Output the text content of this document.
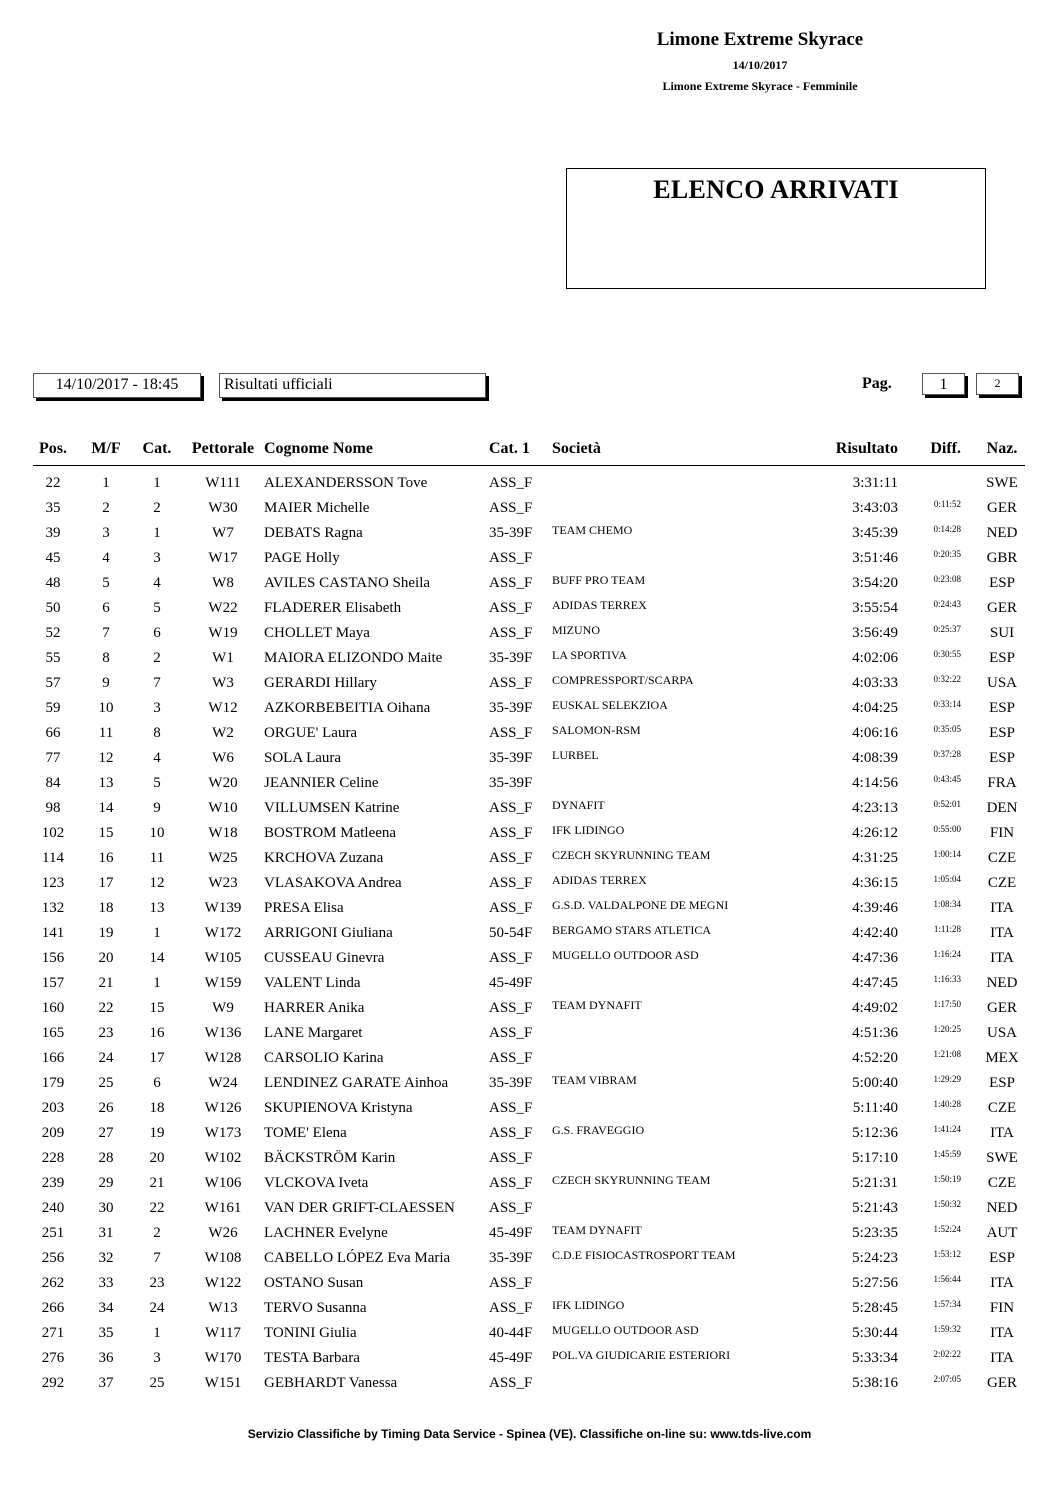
Limone Extreme Skyrace
14/10/2017
Limone Extreme Skyrace - Femminile
ELENCO ARRIVATI
14/10/2017 - 18:45	Risultati ufficiali	Pag.	1	2
Pos.	M/F Cat.	Pettorale Cognome Nome	Cat. 1 Società	Risultato	Diff.	Naz.
22	1	1	W111	ALEXANDERSSON Tove	ASS_F	3:31:11	SWE
35	2	2	W30	MAIER Michelle	ASS_F	3:43:03	0:11:52	GER
39	3	1	W7	DEBATS Ragna	35-39F TEAM CHEMO	3:45:39	0:14:28	NED
45	4	3	W17	PAGE Holly	ASS_F	3:51:46	0:20:35	GBR
48	5	4	W8	AVILES CASTANO Sheila	ASS_F BUFF PRO TEAM	3:54:20	0:23:08	ESP
50	6	5	W22	FLADERER Elisabeth	ASS_F ADIDAS TERREX	3:55:54	0:24:43	GER
52	7	6	W19	CHOLLET Maya	ASS_F MIZUNO	3:56:49	0:25:37	SUI
55	8	2	W1	MAIORA ELIZONDO Maite	35-39F LA SPORTIVA	4:02:06	0:30:55	ESP
57	9	7	W3	GERARDI Hillary	ASS_F COMPRESSPORT/SCARPA	4:03:33	0:32:22	USA
59	10	3	W12	AZKORBEBEITIA Oihana	35-39F EUSKAL SELEKZIOA	4:04:25	0:33:14	ESP
66	11	8	W2	ORGUE' Laura	ASS_F SALOMON-RSM	4:06:16	0:35:05	ESP
77	12	4	W6	SOLA Laura	35-39F LURBEL	4:08:39	0:37:28	ESP
84	13	5	W20	JEANNIER Celine	35-39F	4:14:56	0:43:45	FRA
98	14	9	W10	VILLUMSEN Katrine	ASS_F DYNAFIT	4:23:13	0:52:01	DEN
102	15	10	W18	BOSTROM Matleena	ASS_F IFK LIDINGO	4:26:12	0:55:00	FIN
114	16	11	W25	KRCHOVA Zuzana	ASS_F CZECH SKYRUNNING TEAM	4:31:25	1:00:14	CZE
123	17	12	W23	VLASAKOVA Andrea	ASS_F ADIDAS TERREX	4:36:15	1:05:04	CZE
132	18	13	W139	PRESA Elisa	ASS_F G.S.D. VALDALPONE DE MEGNI	4:39:46	1:08:34	ITA
141	19	1	W172	ARRIGONI Giuliana	50-54F BERGAMO STARS ATLETICA	4:42:40	1:11:28	ITA
156	20	14	W105	CUSSEAU Ginevra	ASS_F MUGELLO OUTDOOR ASD	4:47:36	1:16:24	ITA
157	21	1	W159	VALENT Linda	45-49F	4:47:45	1:16:33	NED
160	22	15	W9	HARRER Anika	ASS_F TEAM DYNAFIT	4:49:02	1:17:50	GER
165	23	16	W136	LANE Margaret	ASS_F	4:51:36	1:20:25	USA
166	24	17	W128	CARSOLIO Karina	ASS_F	4:52:20	1:21:08 MEX
179	25	6	W24	LENDINEZ GARATE Ainhoa	35-39F TEAM VIBRAM	5:00:40	1:29:29	ESP
203	26	18	W126	SKUPIENOVA Kristyna	ASS_F	5:11:40	1:40:28	CZE
209	27	19	W173	TOME' Elena	ASS_F G.S. FRAVEGGIO	5:12:36	1:41:24	ITA
228	28	20	W102	BÄCKSTRÖM Karin	ASS_F	5:17:10	1:45:59	SWE
239	29	21	W106	VLCKOVA Iveta	ASS_F CZECH SKYRUNNING TEAM	5:21:31	1:50:19	CZE
240	30	22	W161	VAN DER GRIFT-CLAESSEN ASS_F	5:21:43	1:50:32	NED
251	31	2	W26	LACHNER Evelyne	45-49F TEAM DYNAFIT	5:23:35	1:52:24	AUT
256	32	7	W108	CABELLO LÓPEZ Eva Maria	35-39F C.D.E FISIOCASTROSPORT TEAM	5:24:23	1:53:12	ESP
262	33	23	W122	OSTANO Susan	ASS_F	5:27:56	1:56:44	ITA
266	34	24	W13	TERVO Susanna	ASS_F IFK LIDINGO	5:28:45	1:57:34	FIN
271	35	1	W117	TONINI Giulia	40-44F MUGELLO OUTDOOR ASD	5:30:44	1:59:32	ITA
276	36	3	W170	TESTA Barbara	45-49F POL.VA GIUDICARIE ESTERIORI	5:33:34	2:02:22	ITA
292	37	25	W151	GEBHARDT Vanessa	ASS_F	5:38:16	2:07:05	GER
Servizio Classifiche by Timing Data Service - Spinea (VE). Classifiche on-line su: www.tds-live.com
